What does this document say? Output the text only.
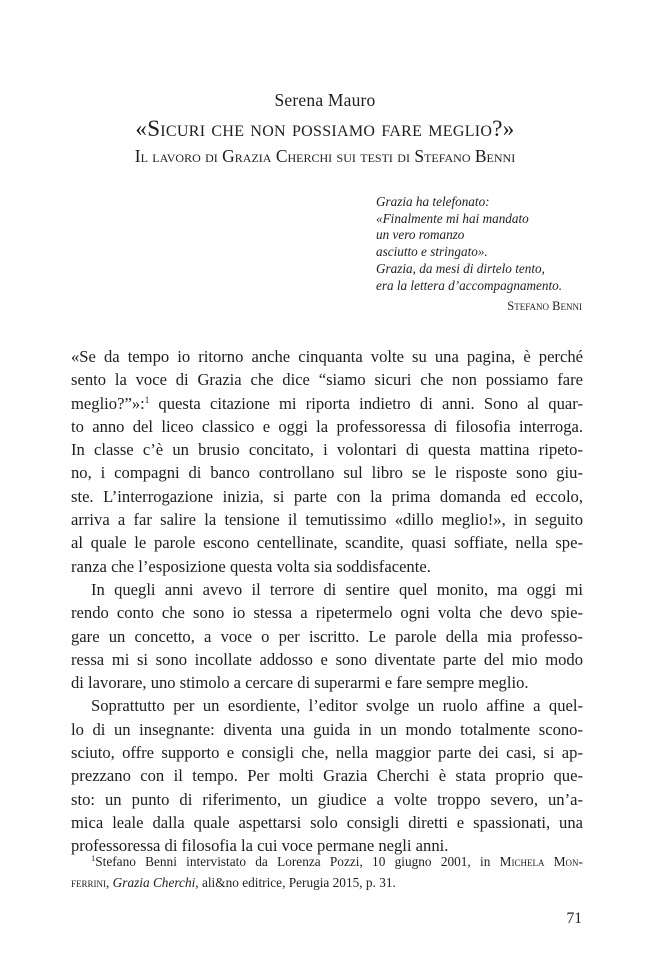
Serena Mauro
«Sicuri che non possiamo fare meglio?»
Il lavoro di Grazia Cherchi sui testi di Stefano Benni
Grazia ha telefonato:
«Finalmente mi hai mandato
un vero romanzo
asciutto e stringato».
Grazia, da mesi di dirtelo tento,
era la lettera d’accompagnamento.
Stefano Benni
«Se da tempo io ritorno anche cinquanta volte su una pagina, è perché
sento la voce di Grazia che dice “siamo sicuri che non possiamo fare
meglio?”»:$^1$ questa citazione mi riporta indietro di anni. Sono al quar-
to anno del liceo classico e oggi la professoressa di filosofia interroga.
In classe c’è un brusio concitato, i volontari di questa mattina ripeto-
no, i compagni di banco controllano sul libro se le risposte sono giu-
ste. L’interrogazione inizia, si parte con la prima domanda ed eccolo,
arriva a far salire la tensione il temutissimo «dillo meglio!», in seguito
al quale le parole escono centellinate, scandite, quasi soffiate, nella spe-
ranza che l’esposizione questa volta sia soddisfacente.
In quegli anni avevo il terrore di sentire quel monito, ma oggi mi
rendo conto che sono io stessa a ripetermelo ogni volta che devo spie-
gare un concetto, a voce o per iscritto. Le parole della mia professo-
ressa mi si sono incollate addosso e sono diventate parte del mio modo
di lavorare, uno stimolo a cercare di superarmi e fare sempre meglio.
Soprattutto per un esordiente, l’editor svolge un ruolo affine a quel-
lo di un insegnante: diventa una guida in un mondo totalmente scono-
sciuto, offre supporto e consigli che, nella maggior parte dei casi, si ap-
prezzano con il tempo. Per molti Grazia Cherchi è stata proprio que-
sto: un punto di riferimento, un giudice a volte troppo severo, un’a-
mica leale dalla quale aspettarsi solo consigli diretti e spassionati, una
professoressa di filosofia la cui voce permane negli anni.
$^1$Stefano Benni intervistato da Lorenza Pozzi, 10 giugno 2001, in Michela Mon-
ferrini, Grazia Cherchi, ali&no editrice, Perugia 2015, p. 31.
71
